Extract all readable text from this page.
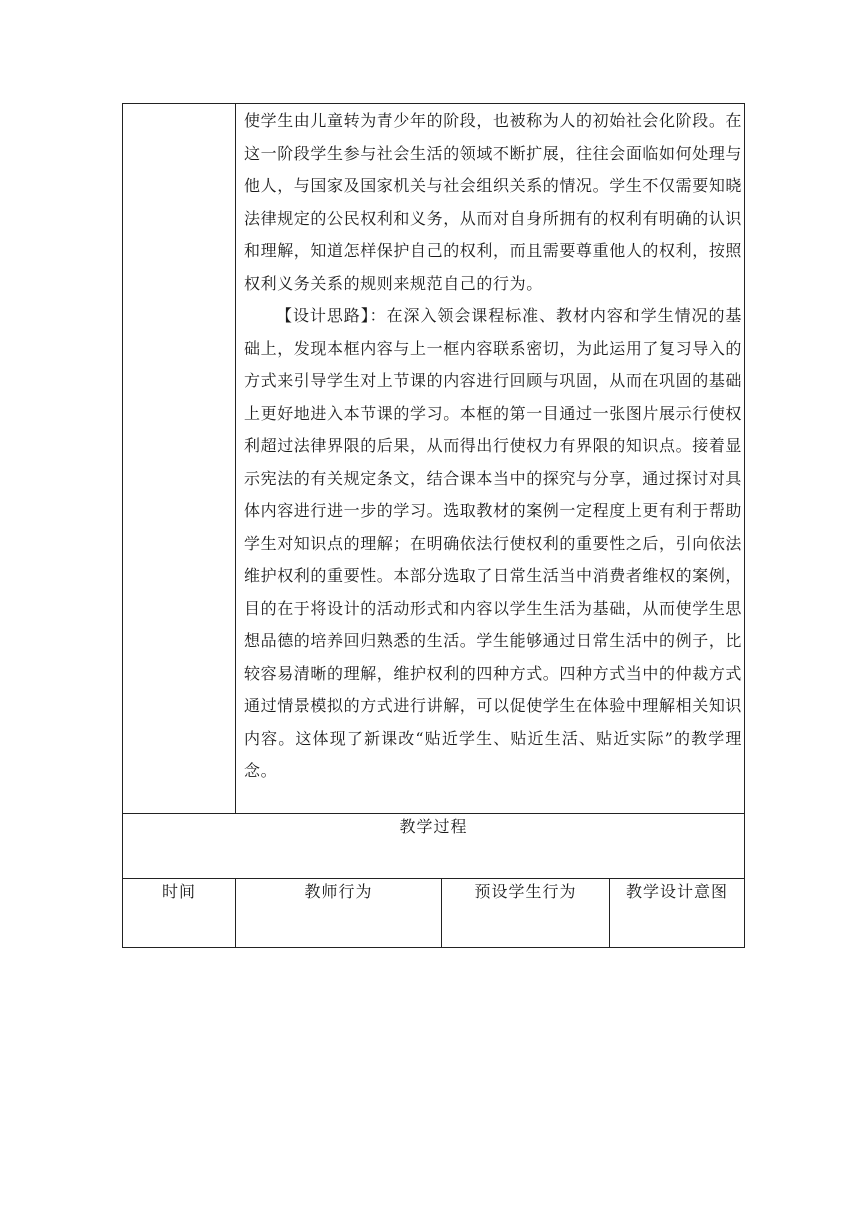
	使学生由儿童转为青少年的阶段，也被称为人的初始社会化阶段。在这一阶段学生参与社会生活的领域不断扩展，往往会面临如何处理与他人，与国家及国家机关与社会组织关系的情况。学生不仅需要知晓法律规定的公民权利和义务，从而对自身所拥有的权利有明确的认识和理解，知道怎样保护自己的权利，而且需要尊重他人的权利，按照权利义务关系的规则来规范自己的行为。

【设计思路】：在深入领会课程标准、教材内容和学生情况的基础上，发现本框内容与上一框内容联系密切，为此运用了复习导入的方式来引导学生对上节课的内容进行回顾与巩固，从而在巩固的基础上更好地进入本节课的学习。本框的第一目通过一张图片展示行使权利超过法律界限的后果，从而得出行使权力有界限的知识点。接着显示宪法的有关规定条文，结合课本当中的探究与分享，通过探讨对具体内容进行进一步的学习。选取教材的案例一定程度上更有利于帮助学生对知识点的理解；在明确依法行使权利的重要性之后，引向依法维护权利的重要性。本部分选取了日常生活当中消费者维权的案例，目的在于将设计的活动形式和内容以学生生活为基础，从而使学生思想品德的培养回归熟悉的生活。学生能够通过日常生活中的例子，比较容易清晰的理解，维护权利的四种方式。四种方式当中的仲裁方式通过情景模拟的方式进行讲解，可以促使学生在体验中理解相关知识内容。这体现了新课改“贴近学生、贴近生活、贴近实际”的教学理念。		

教学过程			
时间	教师行为	预设学生行为	教学设计意图
